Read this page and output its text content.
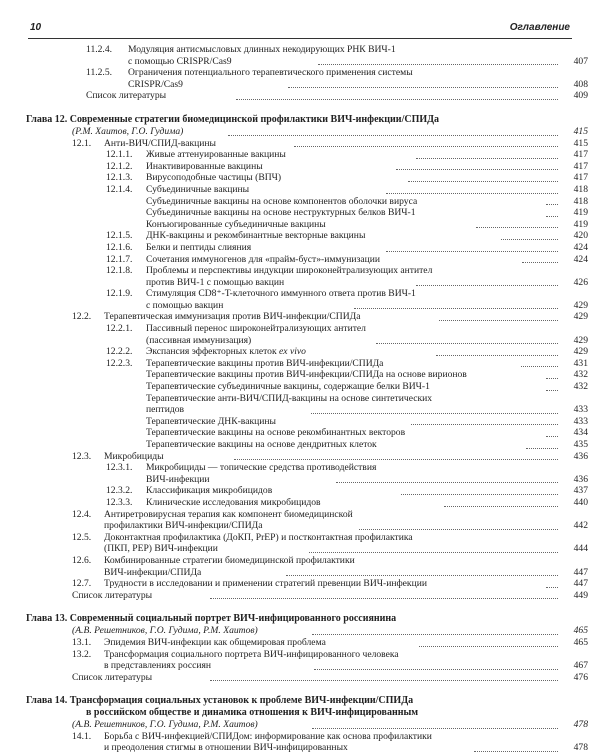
10	Оглавление
11.2.4.	Модуляция антисмысловых длинных некодирующих РНК ВИЧ-1
с помощью CRISPR/Cas9	407
11.2.5.	Ограничения потенциального терапевтического применения системы
CRISPR/Cas9	408
Список литературы	409
Глава 12. Современные стратегии биомедицинской профилактики ВИЧ-инфекции/СПИДа
(Р.М. Хаитов, Г.О. Гудима)	415
12.1.	Анти-ВИЧ/СПИД-вакцины	415
12.1.1.	Живые аттенуированные вакцины	417
12.1.2.	Инактивированные вакцины	417
12.1.3.	Вирусоподобные частицы (ВПЧ)	417
12.1.4.	Субъединичные вакцины	418
Субъединичные вакцины на основе компонентов оболочки вируса	418
Субъединичные вакцины на основе неструктурных белков ВИЧ-1	419
Конъюгированные субъединичные вакцины	419
12.1.5.	ДНК-вакцины и рекомбинантные векторные вакцины	420
12.1.6.	Белки и пептиды слияния	424
12.1.7.	Сочетания иммуногенов для «прайм-буст»-иммунизации	424
12.1.8.	Проблемы и перспективы индукции широконейтрализующих антител
против ВИЧ-1 с помощью вакцин	426
12.1.9.	Стимуляция CD8⁺-T-клеточного иммунного ответа против ВИЧ-1
с помощью вакцин	429
12.2.	Терапевтическая иммунизация против ВИЧ-инфекции/СПИДа	429
12.2.1.	Пассивный перенос широконейтрализующих антител
(пассивная иммунизация)	429
12.2.2.	Экспансия эффекторных клеток ex vivo	429
12.2.3.	Терапевтические вакцины против ВИЧ-инфекции/СПИДа	431
Терапевтические вакцины против ВИЧ-инфекции/СПИДа на основе вирионов	432
Терапевтические субъединичные вакцины, содержащие белки ВИЧ-1	432
Терапевтические анти-ВИЧ/СПИД-вакцины на основе синтетических
пептидов	433
Терапевтические ДНК-вакцины	433
Терапевтические вакцины на основе рекомбинантных векторов	434
Терапевтические вакцины на основе дендритных клеток	435
12.3.	Микробициды	436
12.3.1.	Микробициды — топические средства противодействия
ВИЧ-инфекции	436
12.3.2.	Классификация микробицидов	437
12.3.3.	Клинические исследования микробицидов	440
12.4.	Антиретровирусная терапия как компонент биомедицинской
профилактики ВИЧ-инфекции/СПИДа	442
12.5.	Доконтактная профилактика (ДоКП, PrEP) и постконтактная профилактика
(ПКП, PEP) ВИЧ-инфекции	444
12.6.	Комбинированные стратегии биомедицинской профилактики
ВИЧ-инфекции/СПИДа	447
12.7.	Трудности в исследовании и применении стратегий превенции ВИЧ-инфекции	447
Список литературы	449
Глава 13. Современный социальный портрет ВИЧ-инфицированного россиянина
(А.В. Решетников, Г.О. Гудима, Р.М. Хаитов)	465
13.1.	Эпидемия ВИЧ-инфекции как общемировая проблема	465
13.2.	Трансформация социального портрета ВИЧ-инфицированного человека
в представлениях россиян	467
Список литературы	476
Глава 14. Трансформация социальных установок к проблеме ВИЧ-инфекции/СПИДа
в российском обществе и динамика отношения к ВИЧ-инфицированным
(А.В. Решетников, Г.О. Гудима, Р.М. Хаитов)	478
14.1.	Борьба с ВИЧ-инфекцией/СПИДом: информирование как основа профилактики
и преодоления стигмы в отношении ВИЧ-инфицированных	478
